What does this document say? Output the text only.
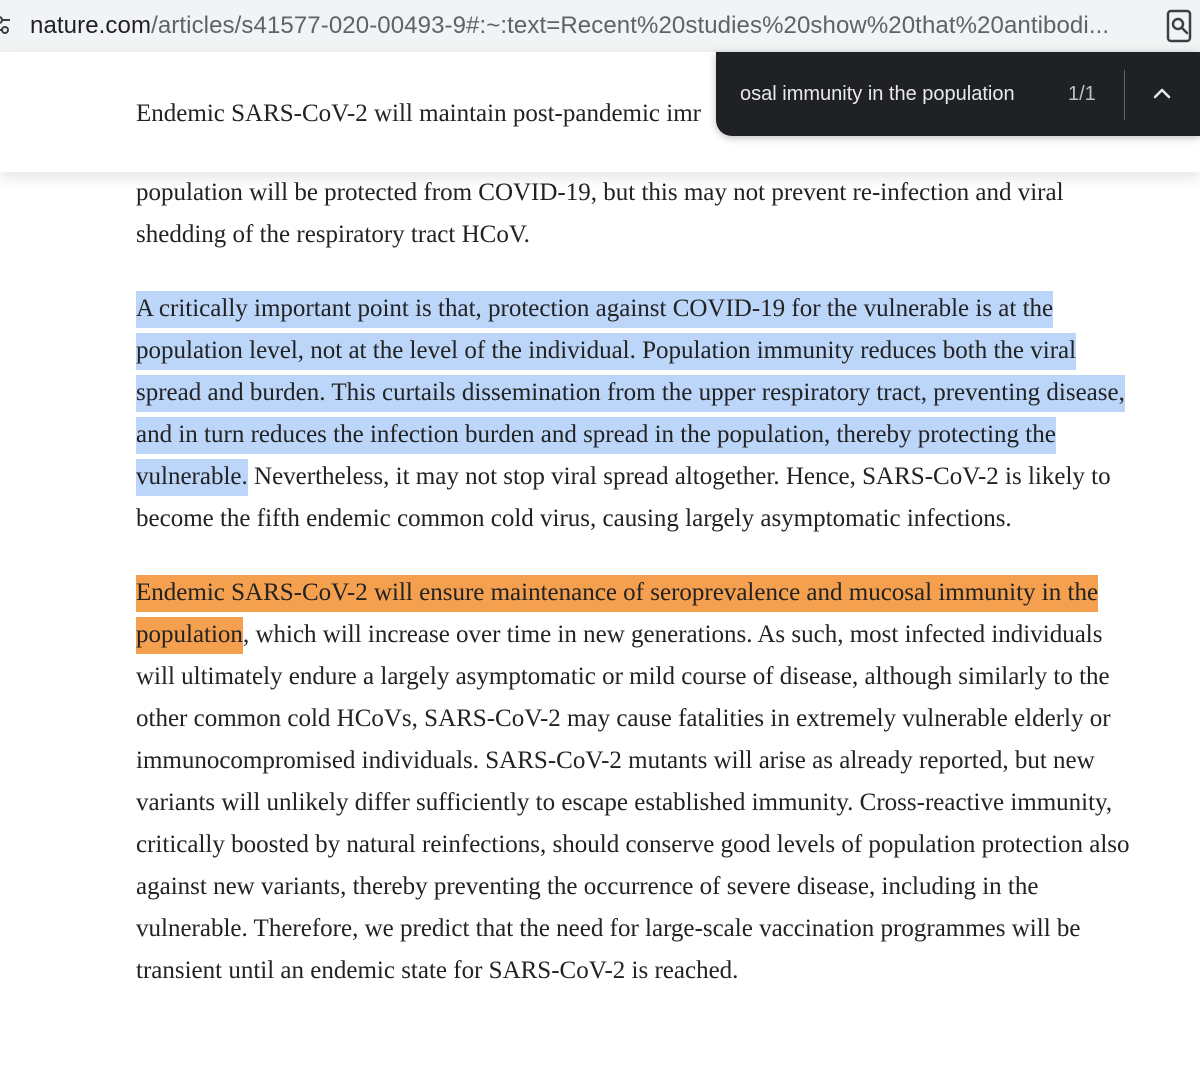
nature.com/articles/s41577-020-00493-9#:~:text=Recent%20studies%20show%20that%20antibodi...
Endemic SARS-CoV-2 will maintain post-pandemic imr
osal immunity in the population	1/1

population will be protected from COVID-19, but this may not prevent re-infection and viral shedding of the respiratory tract HCoV.

A critically important point is that, protection against COVID-19 for the vulnerable is at the population level, not at the level of the individual. Population immunity reduces both the viral spread and burden. This curtails dissemination from the upper respiratory tract, preventing disease, and in turn reduces the infection burden and spread in the population, thereby protecting the vulnerable. Nevertheless, it may not stop viral spread altogether. Hence, SARS-CoV-2 is likely to become the fifth endemic common cold virus, causing largely asymptomatic infections.

Endemic SARS-CoV-2 will ensure maintenance of seroprevalence and mucosal immunity in the population, which will increase over time in new generations. As such, most infected individuals will ultimately endure a largely asymptomatic or mild course of disease, although similarly to the other common cold HCoVs, SARS-CoV-2 may cause fatalities in extremely vulnerable elderly or immunocompromised individuals. SARS-CoV-2 mutants will arise as already reported, but new variants will unlikely differ sufficiently to escape established immunity. Cross-reactive immunity, critically boosted by natural reinfections, should conserve good levels of population protection also against new variants, thereby preventing the occurrence of severe disease, including in the vulnerable. Therefore, we predict that the need for large-scale vaccination programmes will be transient until an endemic state for SARS-CoV-2 is reached.
